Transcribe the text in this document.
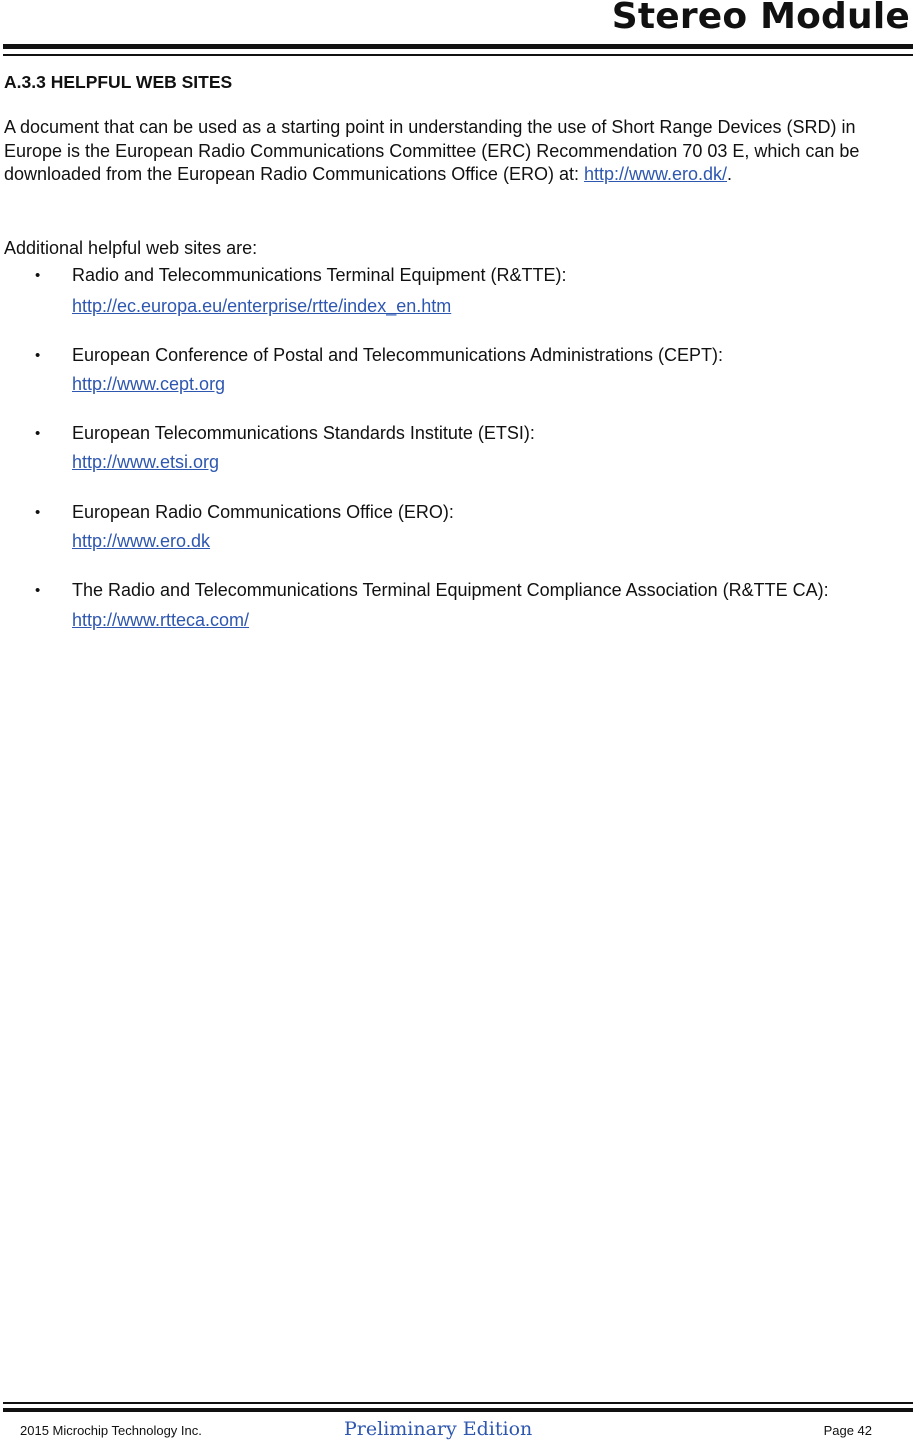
Stereo Module
A.3.3 HELPFUL WEB SITES
A document that can be used as a starting point in understanding the use of Short Range Devices (SRD) in Europe is the European Radio Communications Committee (ERC) Recommendation 70 03 E, which can be downloaded from the European Radio Communications Office (ERO) at: http://www.ero.dk/.
Additional helpful web sites are:
• Radio and Telecommunications Terminal Equipment (R&TTE):
http://ec.europa.eu/enterprise/rtte/index_en.htm
• European Conference of Postal and Telecommunications Administrations (CEPT):
http://www.cept.org
• European Telecommunications Standards Institute (ETSI):
http://www.etsi.org
• European Radio Communications Office (ERO):
http://www.ero.dk
• The Radio and Telecommunications Terminal Equipment Compliance Association (R&TTE CA):
http://www.rtteca.com/
2015 Microchip Technology Inc.	Preliminary Edition	Page 42
